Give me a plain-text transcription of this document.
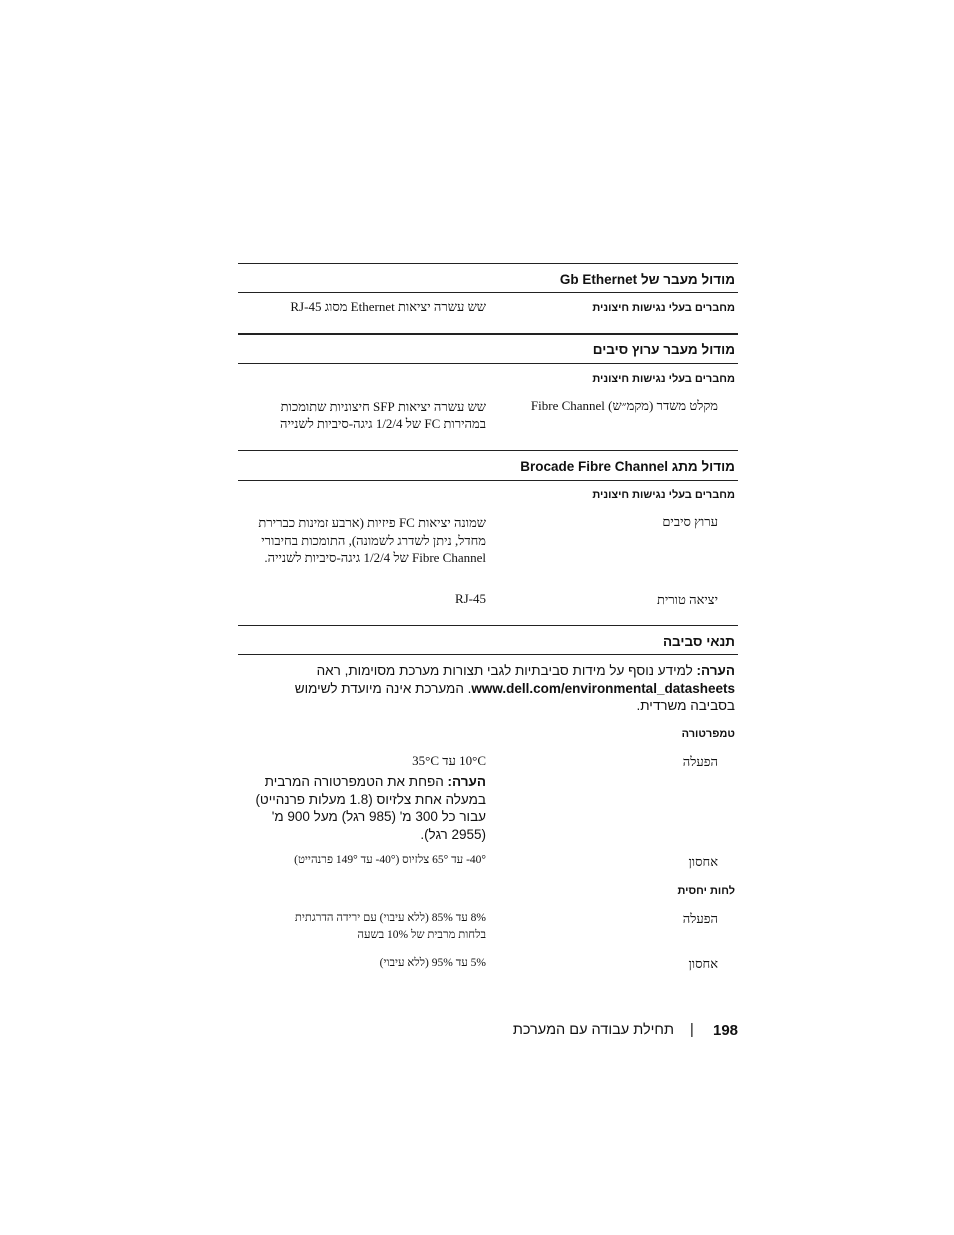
מודול מעבר של Gb Ethernet
מחברים בעלי נגישות חיצונית
שש עשרה יציאות Ethernet מסוג RJ-45
מודול מעבר ערוץ סיבים
מחברים בעלי נגישות חיצונית
מקלט משדר (מקמ״ש) Fibre Channel
שש עשרה יציאות SFP חיצוניות שתומכות
במהירות FC של 1/2/4 גיגה-סיביות לשנייה
מודול מתג Brocade Fibre Channel
מחברים בעלי נגישות חיצונית
ערוץ סיבים
שמונה יציאות FC פיזיות (ארבע זמינות כברירת
מחדל, ניתן לשדרג לשמונה), התומכות בחיבורי
Fibre Channel של 1/2/4 גיגה-סיביות לשנייה.
יציאה טורית
RJ-45
תנאי סביבה
הערה: למידע נוסף על מידות סביבתיות לגבי תצורות מערכת מסוימות, ראה
www.dell.com/environmental_datasheets. המערכת אינה מיועדת לשימוש
בסביבה משרדית.
טמפרטורה
הפעלה
10°C עד 35°C
הערה: הפחת את הטמפרטורה המרבית
במעלה אחת צלזיוס (1.8 מעלות פרנהייט)
עבור כל 300 מ' (985 רגל) מעל 900 מ'
(2955 רגל).
אחסון
‎-40°‎ עד 65° צלזיוס (‎-40°‎ עד 149° פרנהייט)
לחות יחסית
הפעלה
8% עד 85% (ללא עיבוי) עם ירידה הדרגתית
בלחות מרבית של 10% בשעה
אחסון
5% עד 95% (ללא עיבוי)
198
|
תחילת עבודה עם המערכת
